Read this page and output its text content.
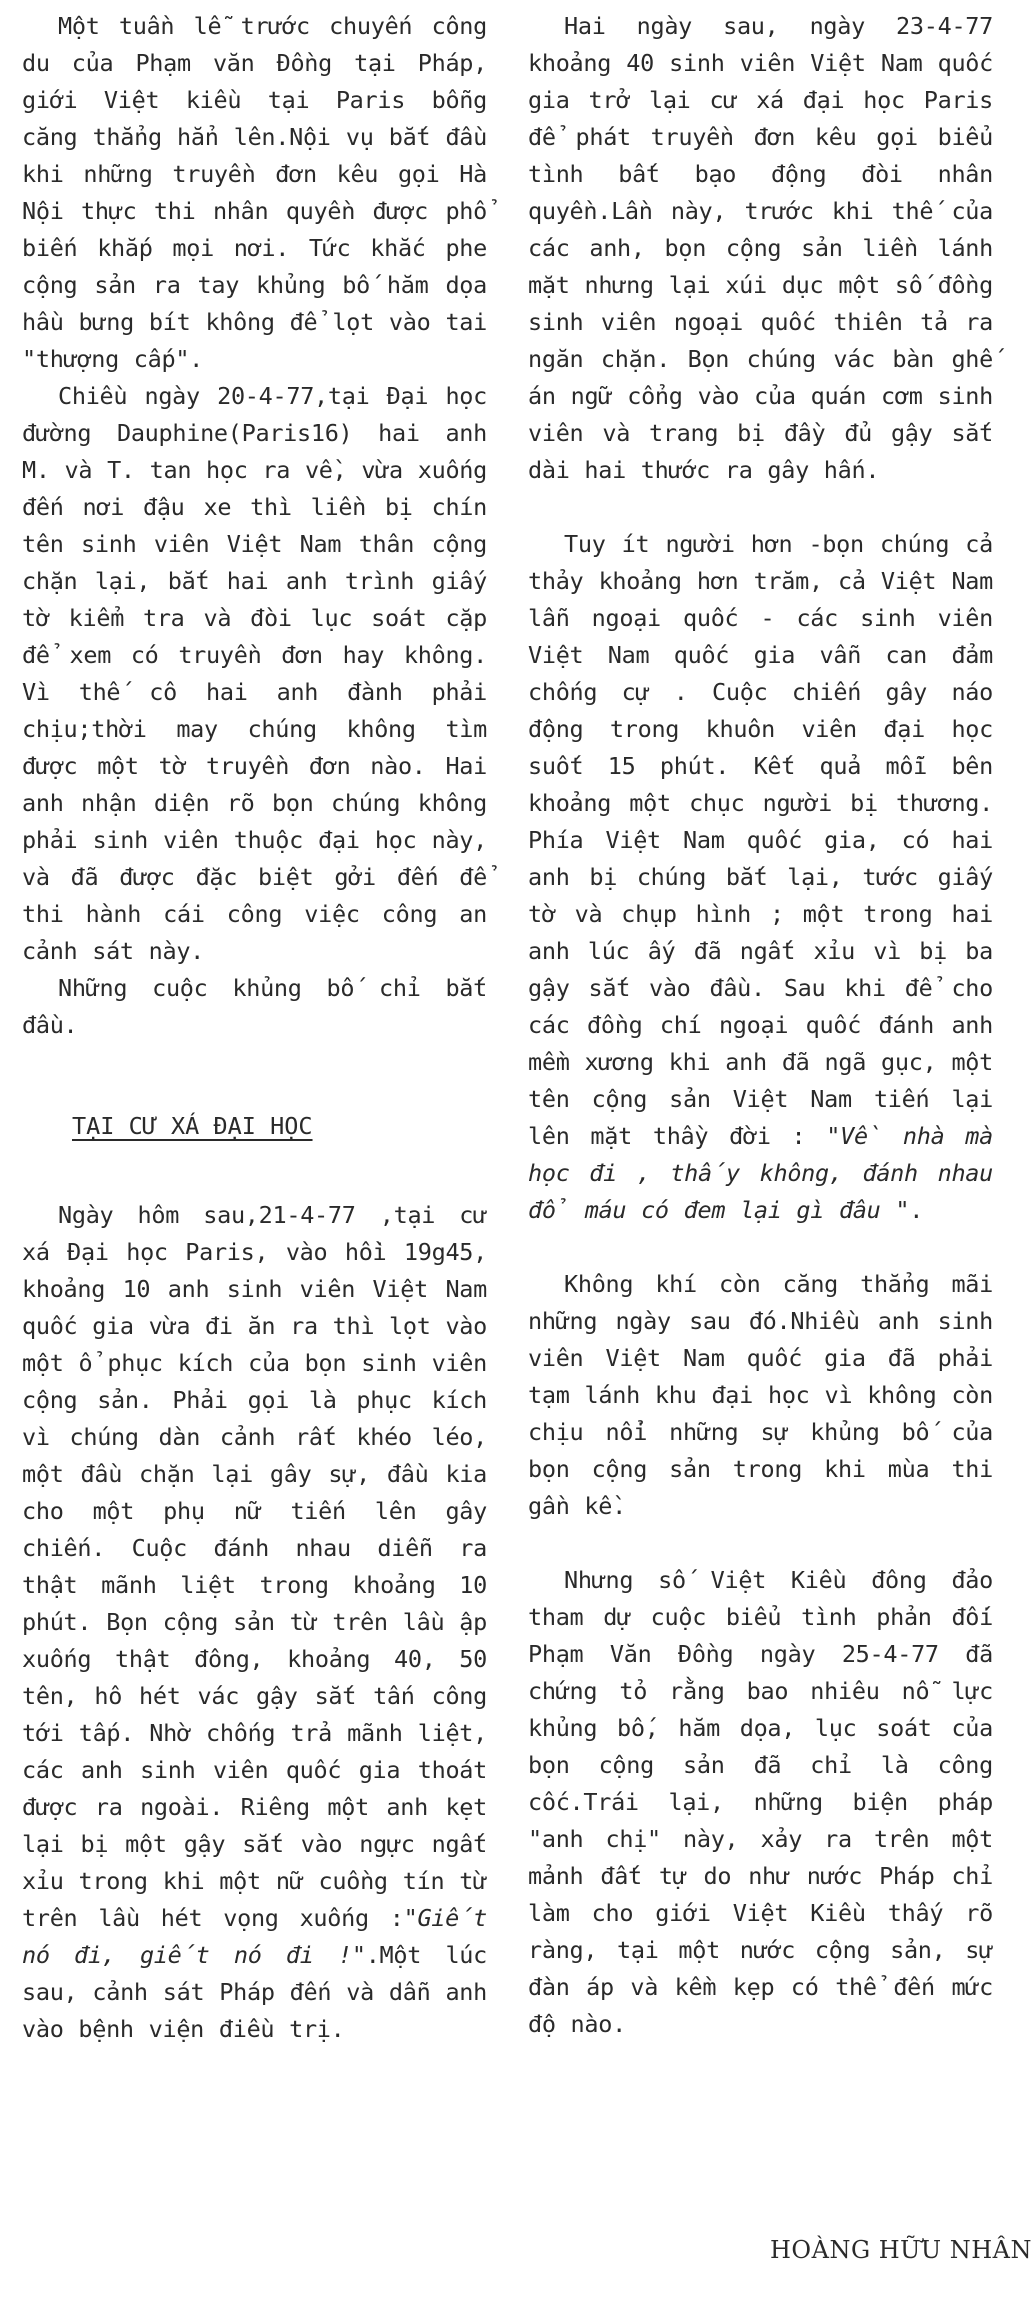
Một tuần lễ trước chuyến công du của Phạm văn Đồng tại Pháp, giới Việt kiều tại Paris bỗng căng thẳng hẳn lên.Nội vụ bắt đầu khi những truyền đơn kêu gọi Hà Nội thực thi nhân quyền được phổ biến khắp mọi nơi. Tức khắc phe cộng sản ra tay khủng bố hăm dọa hầu bưng bít không để lọt vào tai "thượng cấp".

Chiều ngày 20-4-77,tại Đại học đường Dauphine(Paris16) hai anh M. và T. tan học ra về, vừa xuống đến nơi đậu xe thì liền bị chín tên sinh viên Việt Nam thân cộng chặn lại, bắt hai anh trình giấy tờ kiểm tra và đòi lục soát cặp để xem có truyền đơn hay không. Vì thế cô hai anh đành phải chịu;thời may chúng không tìm được một tờ truyền đơn nào. Hai anh nhận diện rõ bọn chúng không phải sinh viên thuộc đại học này, và đã được đặc biệt gởi đến để thi hành cái công việc công an cảnh sát này.

Những cuộc khủng bố chỉ bắt đầu.

TẠI CƯ XÁ ĐẠI HỌC

Ngày hôm sau,21-4-77 ,tại cư xá Đại học Paris, vào hồi 19g45, khoảng 10 anh sinh viên Việt Nam quốc gia vừa đi ăn ra thì lọt vào một ổ phục kích của bọn sinh viên cộng sản. Phải gọi là phục kích vì chúng dàn cảnh rất khéo léo, một đầu chặn lại gây sự, đầu kia cho một phụ nữ tiến lên gây chiến. Cuộc đánh nhau diễn ra thật mãnh liệt trong khoảng 10 phút. Bọn cộng sản từ trên lầu ập xuống thật đông, khoảng 40, 50 tên, hô hét vác gậy sắt tấn công tới tấp. Nhờ chống trả mãnh liệt, các anh sinh viên quốc gia thoát được ra ngoài. Riêng một anh kẹt lại bị một gậy sắt vào ngực ngất xỉu trong khi một nữ cuồng tín từ trên lầu hét vọng xuống :"Giết nó đi, giết nó đi !".Một lúc sau, cảnh sát Pháp đến và dẫn anh vào bệnh viện điều trị.

Hai ngày sau, ngày 23-4-77 khoảng 40 sinh viên Việt Nam quốc gia trở lại cư xá đại học Paris để phát truyền đơn kêu gọi biểu tình bất bạo động đòi nhân quyền.Lần này, trước khi thế của các anh, bọn cộng sản liền lánh mặt nhưng lại xúi dục một số đồng sinh viên ngoại quốc thiên tả ra ngăn chặn. Bọn chúng vác bàn ghế án ngữ cổng vào của quán cơm sinh viên và trang bị đầy đủ gậy sắt dài hai thước ra gây hấn.

Tuy ít người hơn -bọn chúng cả thảy khoảng hơn trăm, cả Việt Nam lẫn ngoại quốc - các sinh viên Việt Nam quốc gia vẫn can đảm chống cự . Cuộc chiến gây náo động trong khuôn viên đại học suốt 15 phút. Kết quả mỗi bên khoảng một chục người bị thương. Phía Việt Nam quốc gia, có hai anh bị chúng bắt lại, tước giấy tờ và chụp hình ; một trong hai anh lúc ấy đã ngất xỉu vì bị ba gậy sắt vào đầu. Sau khi để cho các đồng chí ngoại quốc đánh anh mềm xương khi anh đã ngã gục, một tên cộng sản Việt Nam tiến lại lên mặt thầy đời : "Về nhà mà học đi , thấy không, đánh nhau đổ máu có đem lại gì đâu ".

Không khí còn căng thẳng mãi những ngày sau đó.Nhiều anh sinh viên Việt Nam quốc gia đã phải tạm lánh khu đại học vì không còn chịu nổi những sự khủng bố của bọn cộng sản trong khi mùa thi gần kề.

Nhưng số Việt Kiều đông đảo tham dự cuộc biểu tình phản đối Phạm Văn Đồng ngày 25-4-77 đã chứng tỏ rằng bao nhiêu nỗ lực khủng bố, hăm dọa, lục soát của bọn cộng sản đã chỉ là công cốc.Trái lại, những biện pháp "anh chị" này, xảy ra trên một mảnh đất tự do như nước Pháp chỉ làm cho giới Việt Kiều thấy rõ ràng, tại một nước cộng sản, sự đàn áp và kềm kẹp có thể đến mức độ nào.

HOÀNG HỮU NHÂN
